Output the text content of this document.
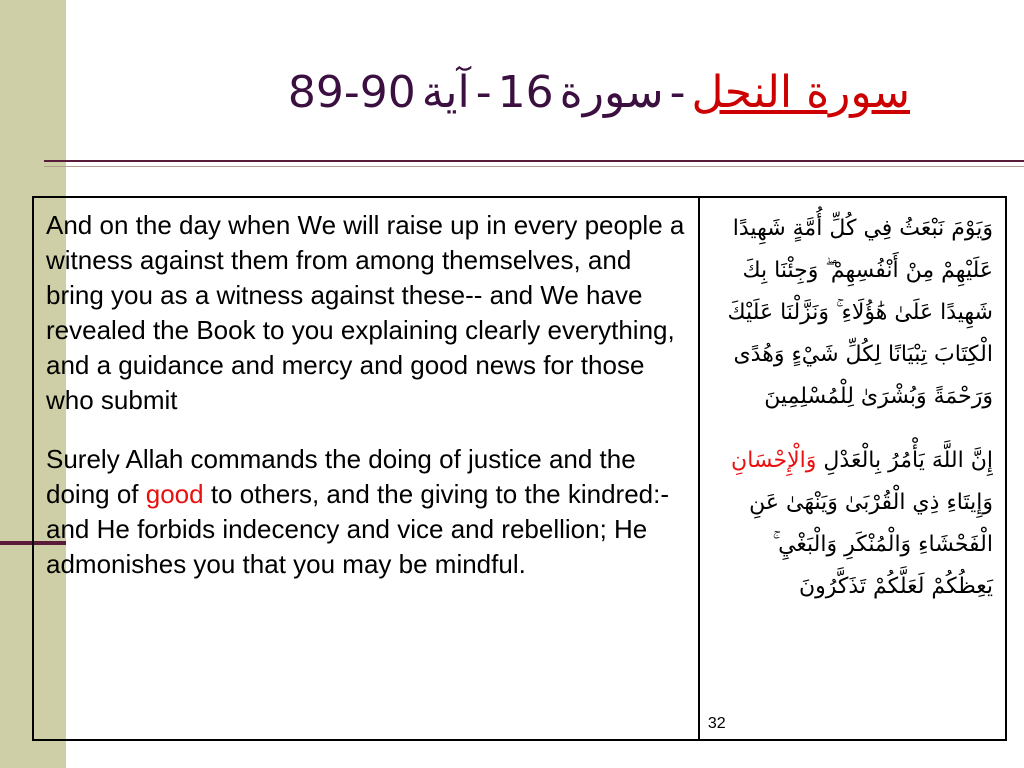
89-90 آية - 16 سورة - سورة النحل

And on the day when We will raise up in every people a witness against them from among themselves, and bring you as a witness against these-- and We have revealed the Book to you explaining clearly everything, and a guidance and mercy and good news for those who submit

Surely Allah commands the doing of justice and the doing of good to others, and the giving to the kindred:-and He forbids indecency and vice and rebellion; He admonishes you that you may be mindful.

وَيَوْمَ نَبْعَثُ فِي كُلِّ أُمَّةٍ شَهِيدًا عَلَيْهِمْ مِنْ أَنْفُسِهِمْ ۖ وَجِئْنَا بِكَ شَهِيدًا عَلَىٰ هَٰؤُلَاءِ ۚ وَنَزَّلْنَا عَلَيْكَ الْكِتَابَ تِبْيَانًا لِكُلِّ شَيْءٍ وَهُدًى وَرَحْمَةً وَبُشْرَىٰ لِلْمُسْلِمِينَ

إِنَّ اللَّهَ يَأْمُرُ بِالْعَدْلِ وَالْإِحْسَانِ وَإِيتَاءِ ذِي الْقُرْبَىٰ وَيَنْهَىٰ عَنِ الْفَحْشَاءِ وَالْمُنْكَرِ وَالْبَغْيِ ۚ يَعِظُكُمْ لَعَلَّكُمْ تَذَكَّرُونَ

32
